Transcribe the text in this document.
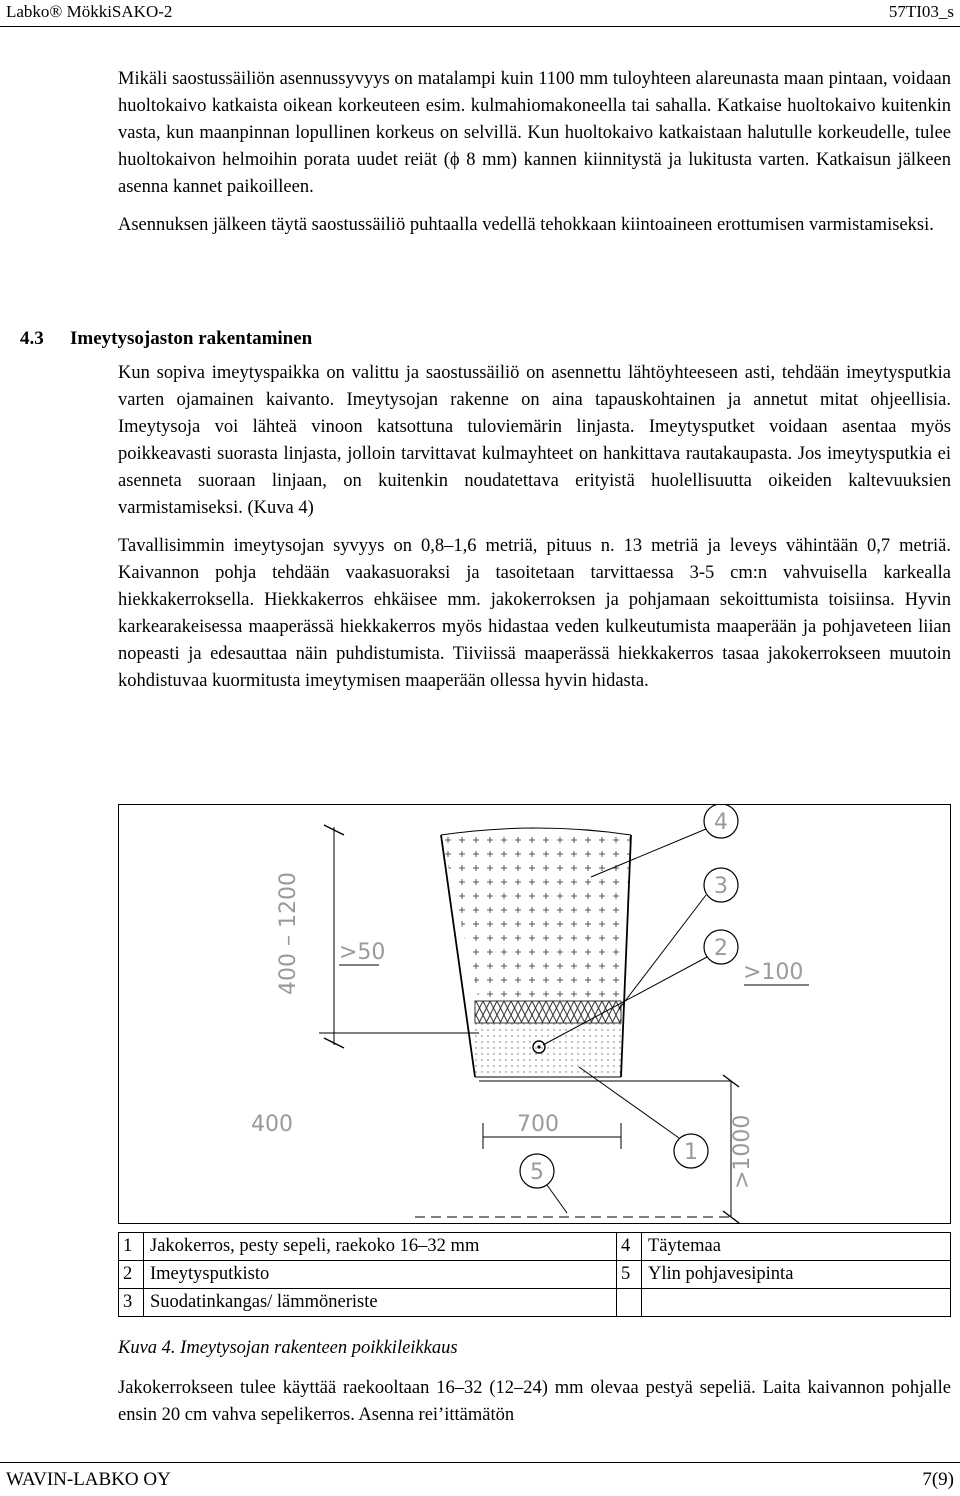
Labko® MökkiSAKO-2	57TI03_s

Mikäli saostussäiliön asennussyvyys on matalampi kuin 1100 mm tuloyhteen alareunasta maan pintaan, voidaan huoltokaivo katkaista oikean korkeuteen esim. kulmahiomakoneella tai sahalla. Katkaise huoltokaivo kuitenkin vasta, kun maanpinnan lopullinen korkeus on selvillä. Kun huoltokaivo katkaistaan halutulle korkeudelle, tulee huoltokaivon helmoihin porata uudet reiät (ϕ 8 mm) kannen kiinnitystä ja lukitusta varten. Katkaisun jälkeen asenna kannet paikoilleen.

Asennuksen jälkeen täytä saostussäiliö puhtaalla vedellä tehokkaan kiintoaineen erottumisen varmistamiseksi.

4.3 Imeytysojaston rakentaminen

Kun sopiva imeytyspaikka on valittu ja saostussäiliö on asennettu lähtöyhteeseen asti, tehdään imeytysputkia varten ojamainen kaivanto. Imeytysojan rakenne on aina tapauskohtainen ja annetut mitat ohjeellisia. Imeytysoja voi lähteä vinoon katsottuna tuloviemärin linjasta. Imeytysputket voidaan asentaa myös poikkeavasti suorasta linjasta, jolloin tarvittavat kulmayhteet on hankittava rautakaupasta. Jos imeytysputkia ei asenneta suoraan linjaan, on kuitenkin noudatettava erityistä huolellisuutta oikeiden kaltevuuksien varmistamiseksi. (Kuva 4)

Tavallisimmin imeytysojan syvyys on 0,8–1,6 metriä, pituus n. 13 metriä ja leveys vähintään 0,7 metriä. Kaivannon pohja tehdään vaakasuoraksi ja tasoitetaan tarvittaessa 3-5 cm:n vahvuisella karkealla hiekkakerroksella. Hiekkakerros ehkäisee mm. jakokerroksen ja pohjamaan sekoittumista toisiinsa. Hyvin karkearakeisessa maaperässä hiekkakerros myös hidastaa veden kulkeutumista maaperään ja pohjaveteen liian nopeasti ja edesauttaa näin puhdistumista. Tiiviissä maaperässä hiekkakerros tasaa jakokerrokseen muutoin kohdistuvaa kuormitusta imeytymisen maaperään ollessa hyvin hidasta.

400 – 1200 >50
>100
400	700	>1000
4
3
2
1
5
1	Jakokerros, pesty sepeli, raekoko 16–32 mm	4	Täytemaa
2	Imeytysputkisto	5	Ylin pohjavesipinta
3	Suodatinkangas/ lämmöneriste		
Kuva 4. Imeytysojan rakenteen poikkileikkaus

Jakokerrokseen tulee käyttää raekooltaan 16–32 (12–24) mm olevaa pestyä sepeliä. Laita kaivannon pohjalle ensin 20 cm vahva sepelikerros. Asenna rei’ittämätön

WAVIN-LABKO OY	7(9)
